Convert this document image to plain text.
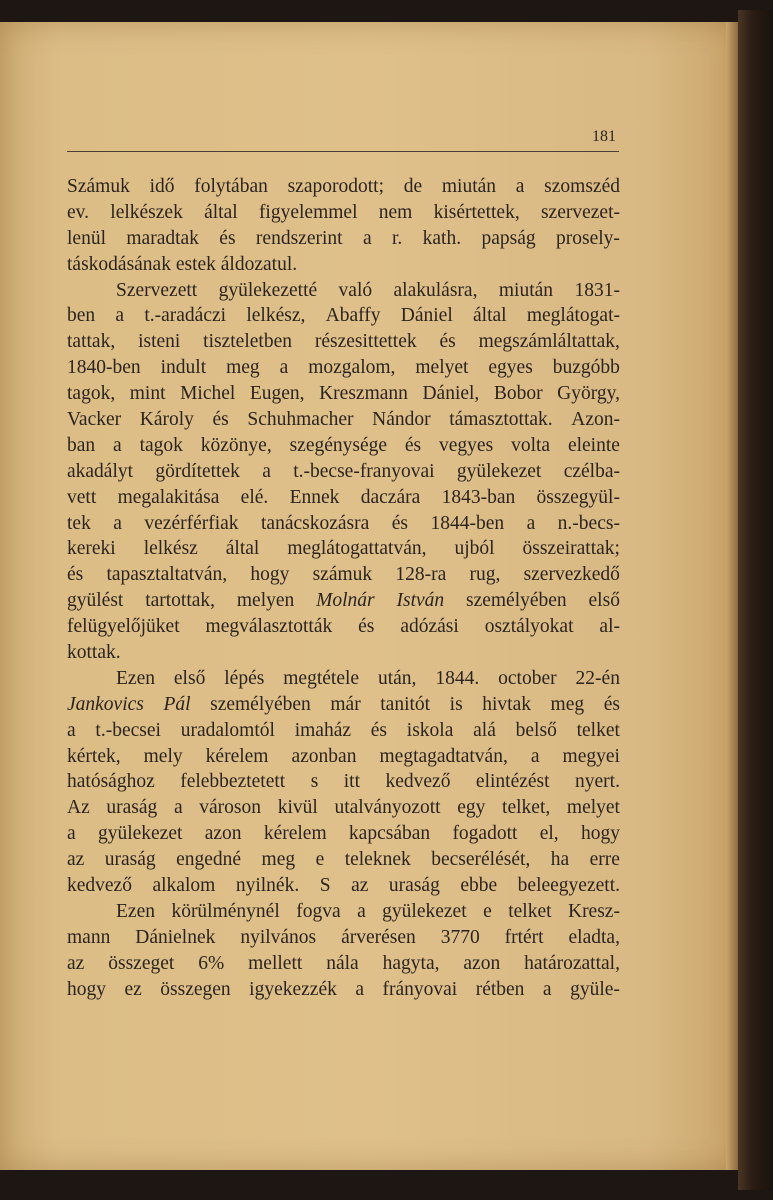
181
Számuk idő folytában szaporodott; de miután a szomszéd
ev. lelkészek által figyelemmel nem kisértettek, szervezet-
lenül maradtak és rendszerint a r. kath. papság prosely-
táskodásának estek áldozatul.
Szervezett gyülekezetté való alakulásra, miután 1831-
ben a t.-aradáczi lelkész, Abaffy Dániel által meglátogat-
tattak, isteni tiszteletben részesittettek és megszámláltattak,
1840-ben indult meg a mozgalom, melyet egyes buzgóbb
tagok, mint Michel Eugen, Kreszmann Dániel, Bobor György,
Vacker Károly és Schuhmacher Nándor támasztottak. Azon-
ban a tagok közönye, szegénysége és vegyes volta eleinte
akadályt gördítettek a t.-becse-franyovai gyülekezet czélba-
vett megalakitása elé. Ennek daczára 1843-ban összegyül-
tek a vezérférfiak tanácskozásra és 1844-ben a n.-becs-
kereki lelkész által meglátogattatván, ujból összeirattak;
és tapasztaltatván, hogy számuk 128-ra rug, szervezkedő
gyülést tartottak, melyen Molnár István személyében első
felügyelőjüket megválasztották és adózási osztályokat al-
kottak.
Ezen első lépés megtétele után, 1844. october 22-én
Jankovics Pál személyében már tanitót is hivtak meg és
a t.-becsei uradalomtól imaház és iskola alá belső telket
kértek, mely kérelem azonban megtagadtatván, a megyei
hatósághoz felebbeztetett s itt kedvező elintézést nyert.
Az uraság a városon kivül utalványozott egy telket, melyet
a gyülekezet azon kérelem kapcsában fogadott el, hogy
az uraság engedné meg e teleknek becserélését, ha erre
kedvező alkalom nyilnék. S az uraság ebbe beleegyezett.
Ezen körülménynél fogva a gyülekezet e telket Kresz-
mann Dánielnek nyilvános árverésen 3770 frtért eladta,
az összeget 6% mellett nála hagyta, azon határozattal,
hogy ez összegen igyekezzék a frányovai rétben a gyüle-
